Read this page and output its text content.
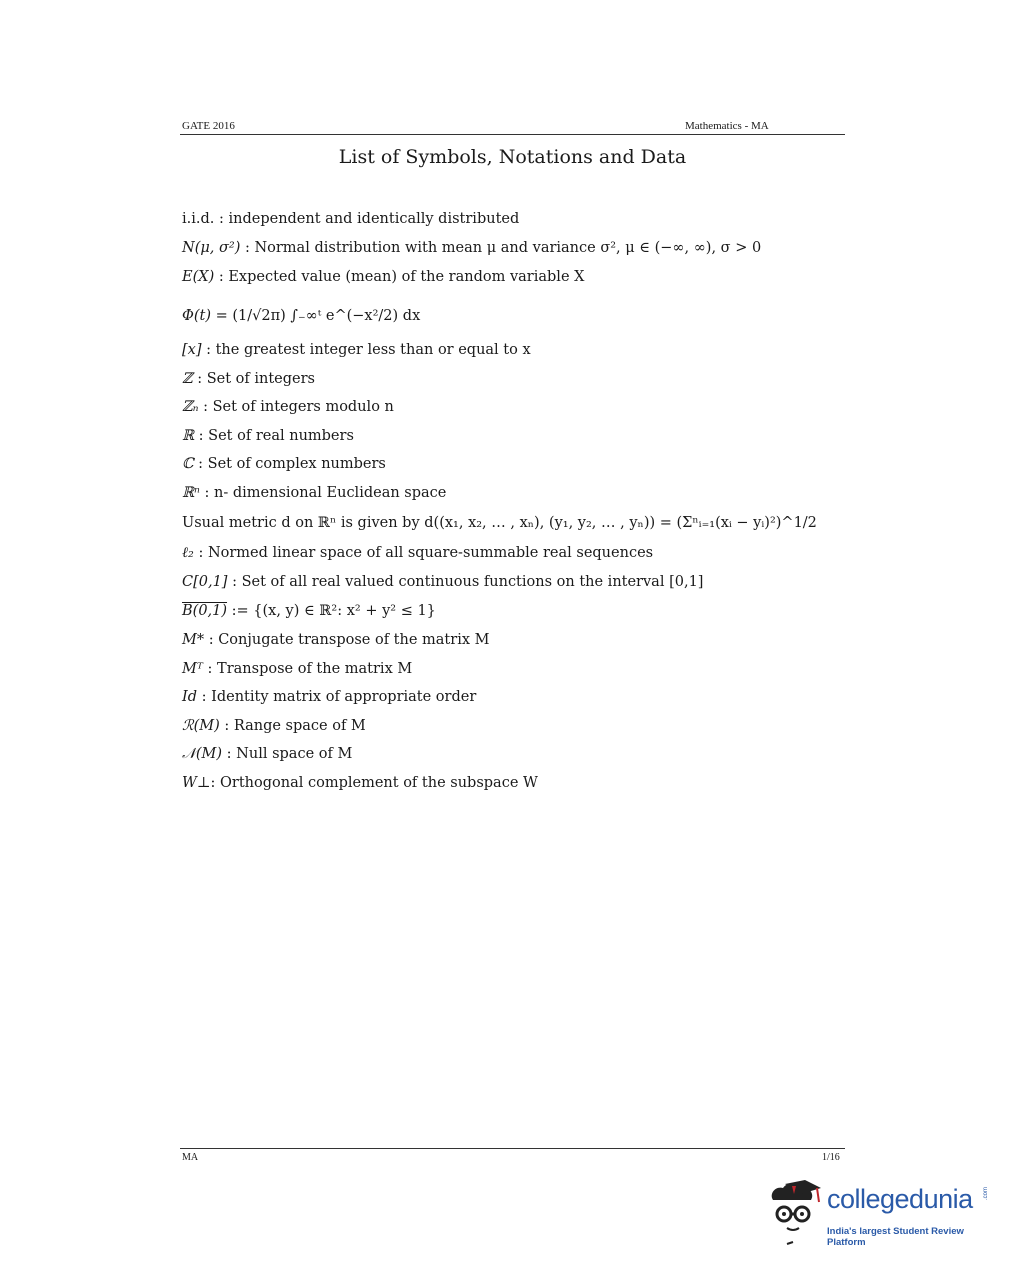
GATE 2016	Mathematics - MA
List of Symbols, Notations and Data
i.i.d. : independent and identically distributed
N(μ, σ²) : Normal distribution with mean μ and variance σ², μ ∈ (−∞, ∞), σ > 0
E(X) : Expected value (mean) of the random variable X
Φ(t) = (1/√2π) ∫₋∞ᵗ e^(−x²/2) dx
[x] : the greatest integer less than or equal to x
ℤ : Set of integers
ℤₙ : Set of integers modulo n
ℝ : Set of real numbers
ℂ : Set of complex numbers
ℝⁿ : n- dimensional Euclidean space
Usual metric d on ℝⁿ is given by d((x₁, x₂, … , xₙ), (y₁, y₂, … , yₙ)) = (Σⁿᵢ₌₁(xᵢ − yᵢ)²)^1/2
ℓ₂ : Normed linear space of all square-summable real sequences
C[0,1] : Set of all real valued continuous functions on the interval [0,1]
B(0,1) := {(x, y) ∈ ℝ²: x² + y² ≤ 1}
M* : Conjugate transpose of the matrix M
Mᵀ : Transpose of the matrix M
Id : Identity matrix of appropriate order
ℛ(M) : Range space of M
𝒩(M) : Null space of M
W⊥: Orthogonal complement of the subspace W
MA	1/16
collegedunia .com
India's largest Student Review Platform
